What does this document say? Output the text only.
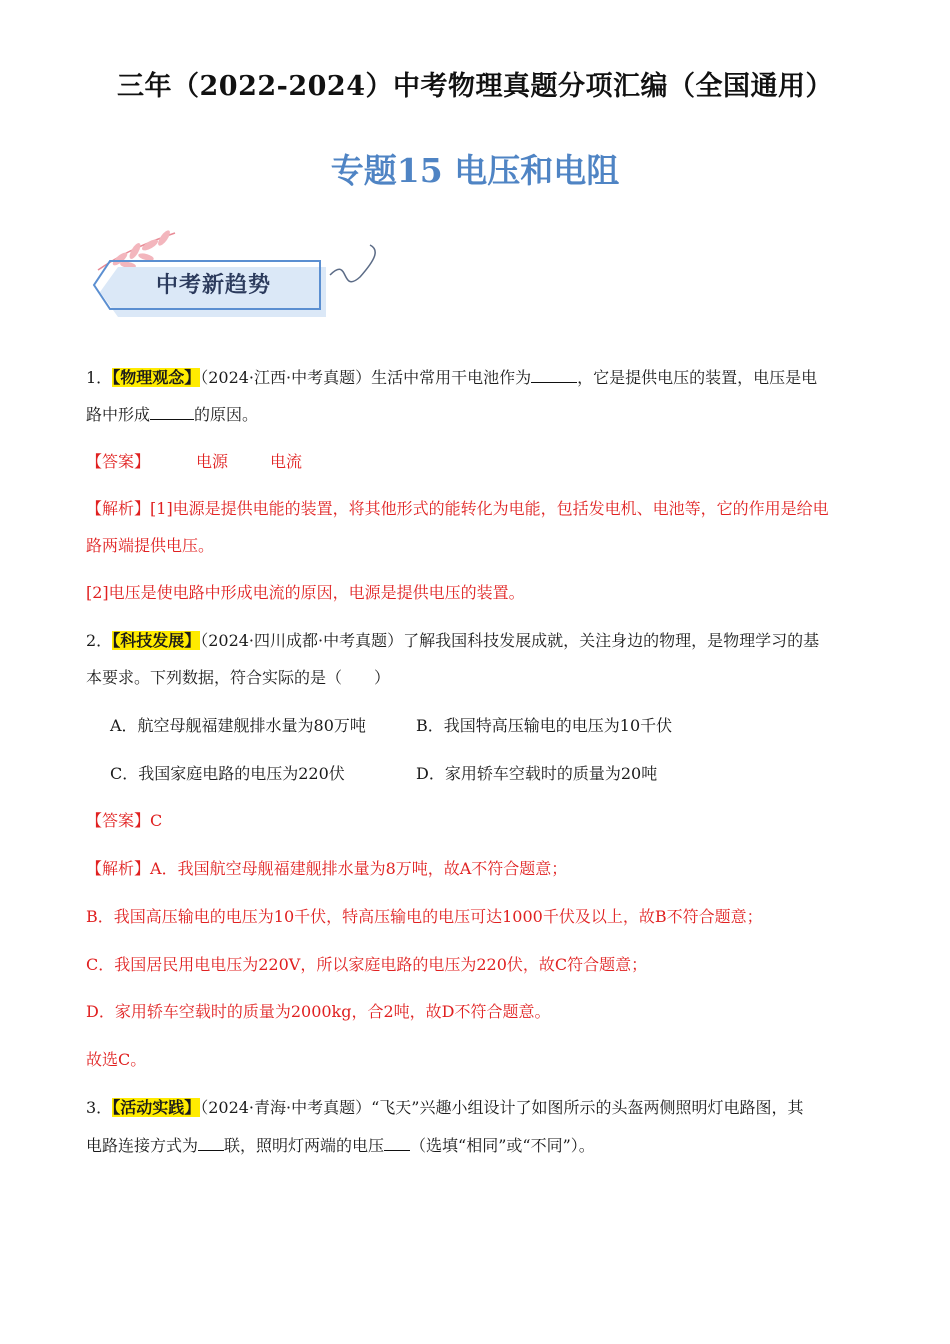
三年（2022-2024）中考物理真题分项汇编（全国通用）
专题15 电压和电阻
中考新趋势
1．【物理观念】（2024·江西·中考真题）生活中常用干电池作为	，它是提供电压的装置，电压是电
路中形成	的原因。
【答案】	电源	电流
【解析】[1]电源是提供电能的装置，将其他形式的能转化为电能，包括发电机、电池等，它的作用是给电
路两端提供电压。
[2]电压是使电路中形成电流的原因，电源是提供电压的装置。
2．【科技发展】（2024·四川成都·中考真题）了解我国科技发展成就，关注身边的物理，是物理学习的基
本要求。下列数据，符合实际的是（　　）
A．航空母舰福建舰排水量为80万吨	B．我国特高压输电的电压为10千伏
C．我国家庭电路的电压为220伏	D．家用轿车空载时的质量为20吨
【答案】C
【解析】A．我国航空母舰福建舰排水量为8万吨，故A不符合题意；
B．我国高压输电的电压为10千伏，特高压输电的电压可达1000千伏及以上，故B不符合题意；
C．我国居民用电电压为220V，所以家庭电路的电压为220伏，故C符合题意；
D．家用轿车空载时的质量为2000kg，合2吨，故D不符合题意。
故选C。
3．【活动实践】（2024·青海·中考真题）“飞天”兴趣小组设计了如图所示的头盔两侧照明灯电路图，其
电路连接方式为 联，照明灯两端的电压 （选填“相同”或“不同”）。
